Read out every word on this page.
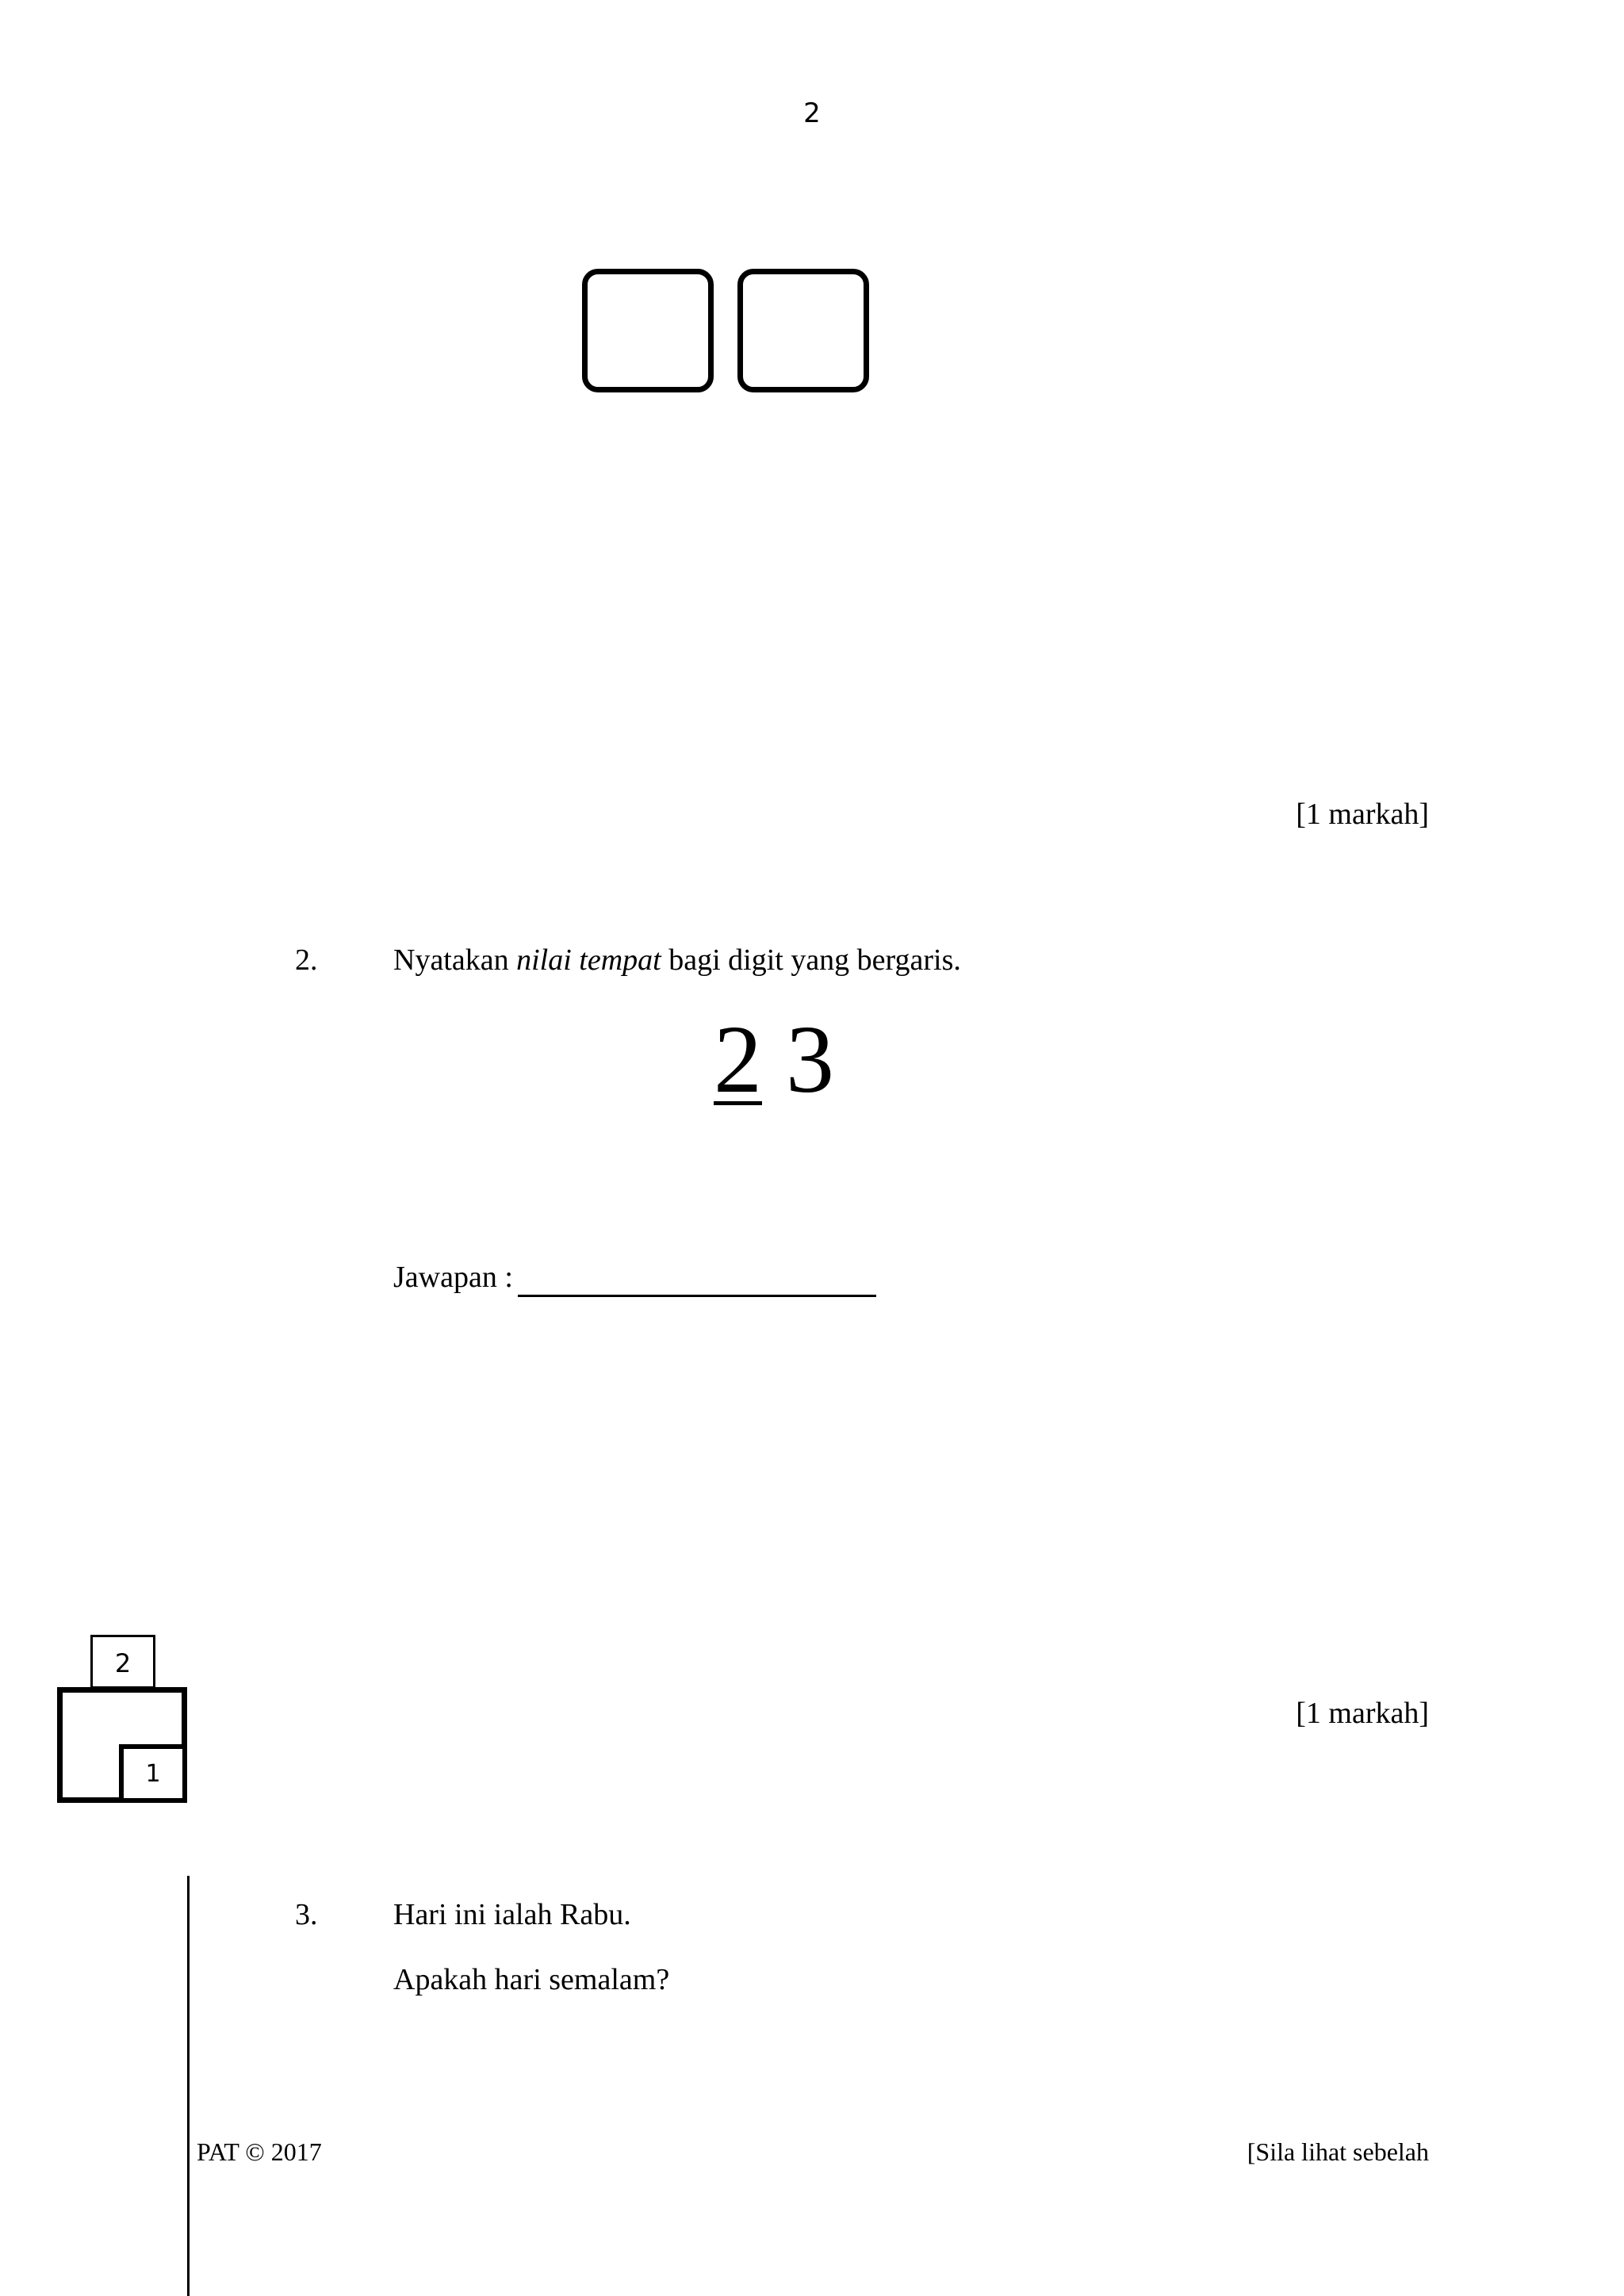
2
[1 markah]
2.	Nyatakan nilai tempat bagi digit yang bergaris.
2 3
Jawapan :
[1 markah]
2
1
3.	Hari ini ialah Rabu.
Apakah hari semalam?
PAT © 2017	[Sila lihat sebelah
